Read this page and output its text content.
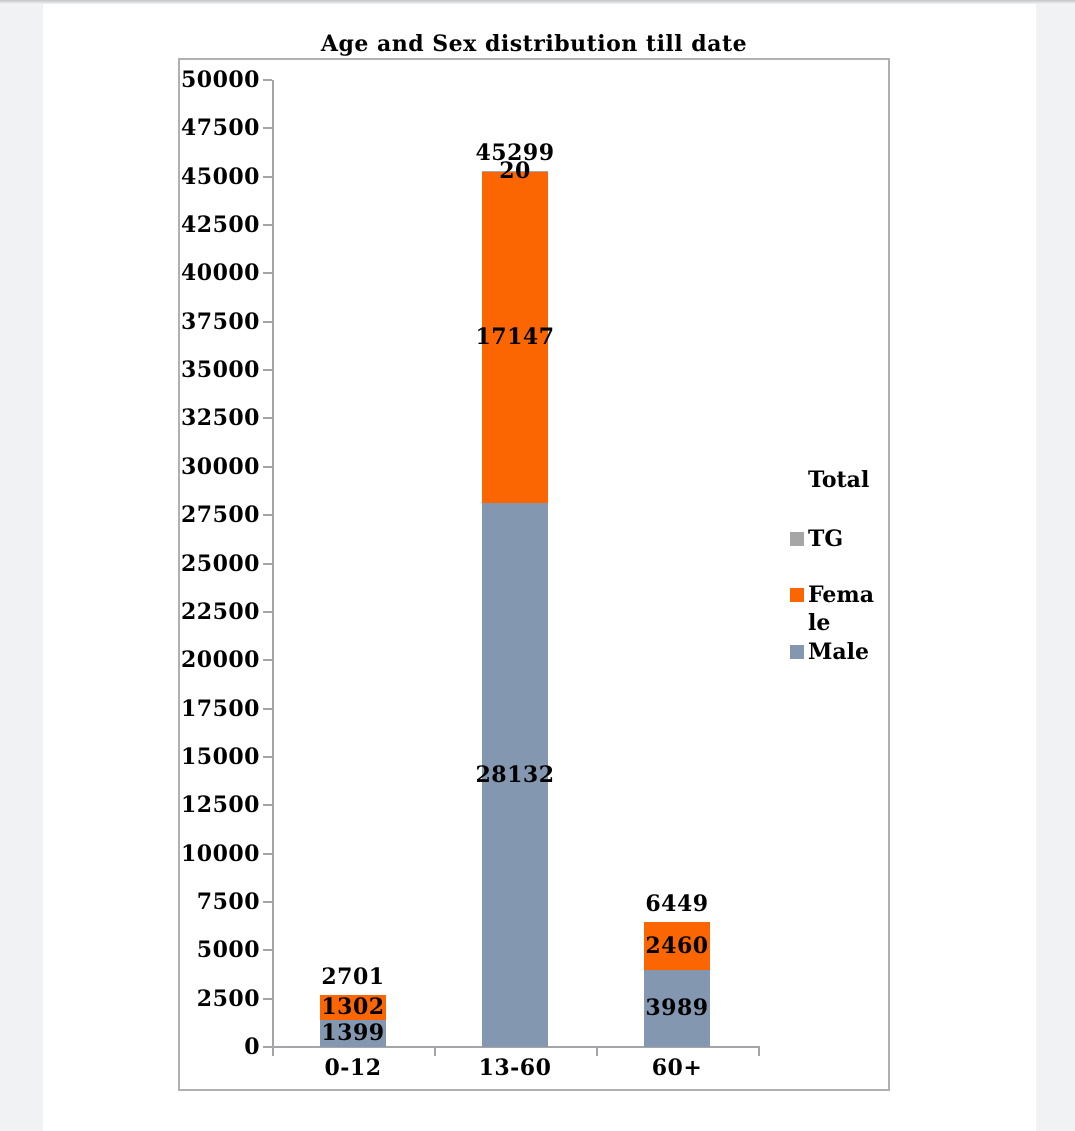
Age and Sex distribution till date
0
2500
5000
7500
10000
12500
15000
17500
20000
22500
25000
27500
30000
32500
35000
37500
40000
42500
45000
47500
50000
1399
1302
2701
0-12
28132
17147
20
45299
13-60
3989
2460
6449
60+
Total
TG
Female
Male
